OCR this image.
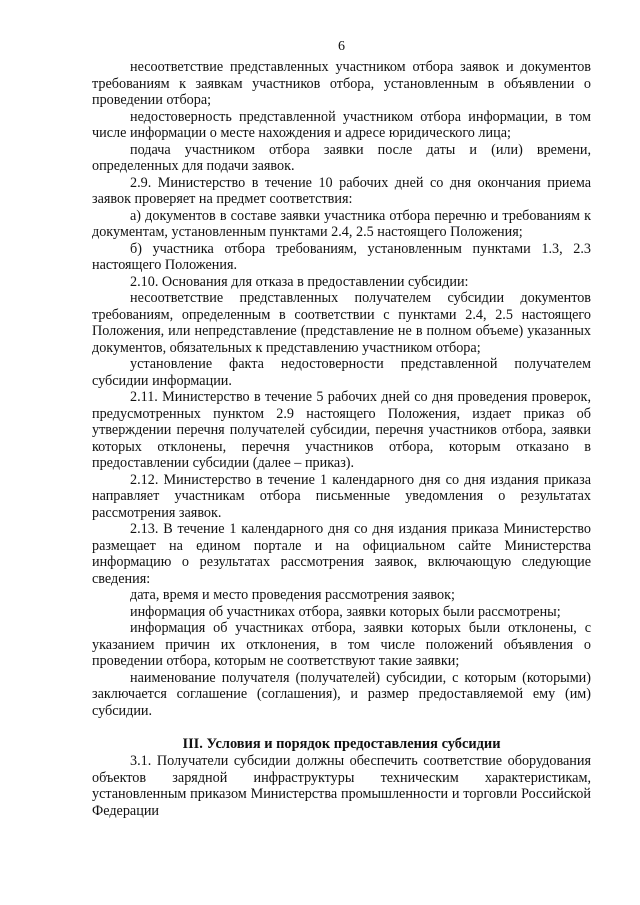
6

несоответствие представленных участником отбора заявок и документов требованиям к заявкам участников отбора, установленным в объявлении о проведении отбора;

недостоверность представленной участником отбора информации, в том числе информации о месте нахождения и адресе юридического лица;

подача участником отбора заявки после даты и (или) времени, определенных для подачи заявок.

2.9. Министерство в течение 10 рабочих дней со дня окончания приема заявок проверяет на предмет соответствия:

а) документов в составе заявки участника отбора перечню и требованиям к документам, установленным пунктами 2.4, 2.5 настоящего Положения;

б) участника отбора требованиям, установленным пунктами 1.3, 2.3 настоящего Положения.

2.10. Основания для отказа в предоставлении субсидии:

несоответствие представленных получателем субсидии документов требованиям, определенным в соответствии с пунктами 2.4, 2.5 настоящего Положения, или непредставление (представление не в полном объеме) указанных документов, обязательных к представлению участником отбора;

установление факта недостоверности представленной получателем субсидии информации.

2.11. Министерство в течение 5 рабочих дней со дня проведения проверок, предусмотренных пунктом 2.9 настоящего Положения, издает приказ об утверждении перечня получателей субсидии, перечня участников отбора, заявки которых отклонены, перечня участников отбора, которым отказано в предоставлении субсидии (далее – приказ).

2.12. Министерство в течение 1 календарного дня со дня издания приказа направляет участникам отбора письменные уведомления о результатах рассмотрения заявок.

2.13. В течение 1 календарного дня со дня издания приказа Министерство размещает на едином портале и на официальном сайте Министерства информацию о результатах рассмотрения заявок, включающую следующие сведения:

дата, время и место проведения рассмотрения заявок;

информация об участниках отбора, заявки которых были рассмотрены;

информация об участниках отбора, заявки которых были отклонены, с указанием причин их отклонения, в том числе положений объявления о проведении отбора, которым не соответствуют такие заявки;

наименование получателя (получателей) субсидии, с которым (которыми) заключается соглашение (соглашения), и размер предоставляемой ему (им) субсидии.

III. Условия и порядок предоставления субсидии

3.1. Получатели субсидии должны обеспечить соответствие оборудования объектов зарядной инфраструктуры техническим характеристикам, установленным приказом Министерства промышленности и торговли Российской Федерации
